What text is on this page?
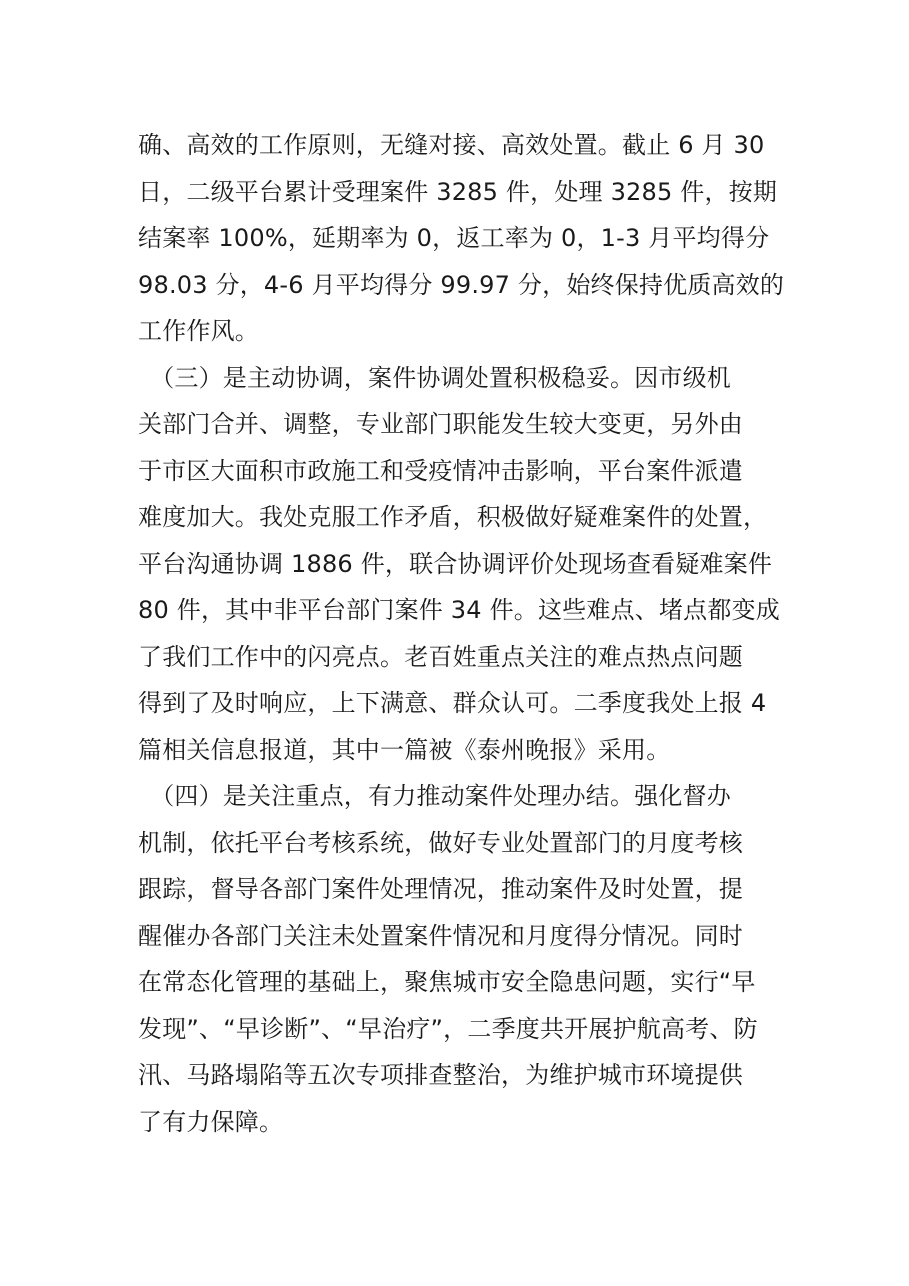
确、高效的工作原则，无缝对接、高效处置。截止 6 月 30
日，二级平台累计受理案件 3285 件，处理 3285 件，按期
结案率 100%，延期率为 0，返工率为 0，1-3 月平均得分
98.03 分，4-6 月平均得分 99.97 分，始终保持优质高效的
工作作风。
　（三）是主动协调，案件协调处置积极稳妥。因市级机
关部门合并、调整，专业部门职能发生较大变更，另外由
于市区大面积市政施工和受疫情冲击影响，平台案件派遣
难度加大。我处克服工作矛盾，积极做好疑难案件的处置，
平台沟通协调 1886 件，联合协调评价处现场查看疑难案件
80 件，其中非平台部门案件 34 件。这些难点、堵点都变成
了我们工作中的闪亮点。老百姓重点关注的难点热点问题
得到了及时响应，上下满意、群众认可。二季度我处上报 4
篇相关信息报道，其中一篇被《泰州晚报》采用。
　（四）是关注重点，有力推动案件处理办结。强化督办
机制，依托平台考核系统，做好专业处置部门的月度考核
跟踪，督导各部门案件处理情况，推动案件及时处置，提
醒催办各部门关注未处置案件情况和月度得分情况。同时
在常态化管理的基础上，聚焦城市安全隐患问题，实行“早
发现”、“早诊断”、“早治疗”，二季度共开展护航高考、防
汛、马路塌陷等五次专项排查整治，为维护城市环境提供
了有力保障。
